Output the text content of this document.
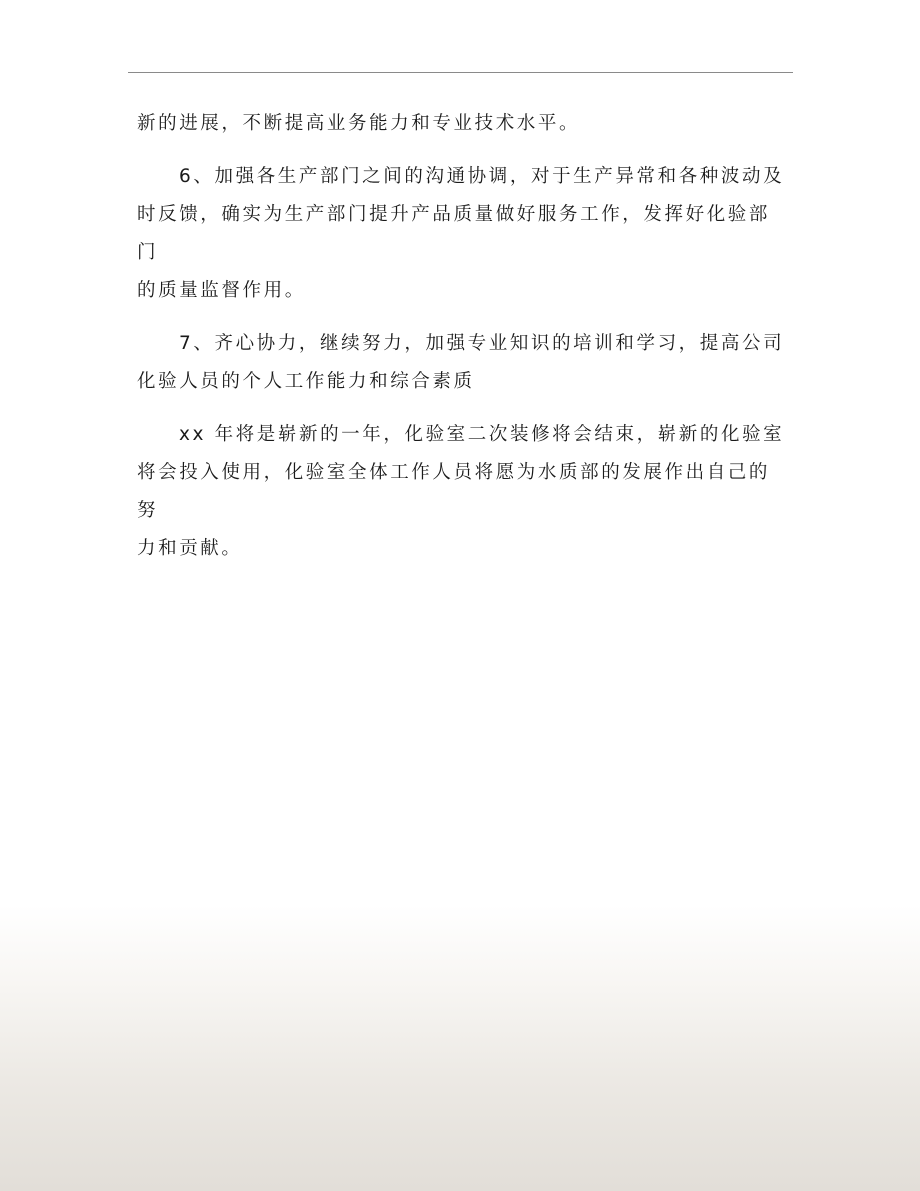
新的进展，不断提高业务能力和专业技术水平。

6、加强各生产部门之间的沟通协调，对于生产异常和各种波动及
时反馈，确实为生产部门提升产品质量做好服务工作，发挥好化验部门
的质量监督作用。

7、齐心协力，继续努力，加强专业知识的培训和学习，提高公司
化验人员的个人工作能力和综合素质

xx 年将是崭新的一年，化验室二次装修将会结束，崭新的化验室
将会投入使用，化验室全体工作人员将愿为水质部的发展作出自己的努
力和贡献。
